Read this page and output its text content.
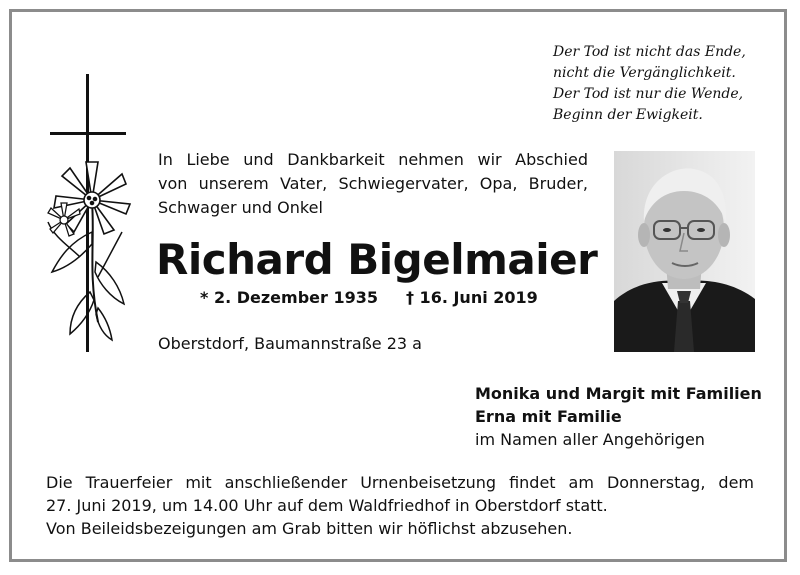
Der Tod ist nicht das Ende,
nicht die Vergänglichkeit.
Der Tod ist nur die Wende,
Beginn der Ewigkeit.
In Liebe und Dankbarkeit nehmen wir Abschied
von unserem Vater, Schwiegervater, Opa, Bruder,
Schwager und Onkel
Richard Bigelmaier
* 2. Dezember 1935 † 16. Juni 2019
Oberstdorf, Baumannstraße 23 a
Monika und Margit mit Familien
Erna mit Familie
im Namen aller Angehörigen
Die Trauerfeier mit anschließender Urnenbeisetzung findet am Donnerstag, dem
27. Juni 2019, um 14.00 Uhr auf dem Waldfriedhof in Oberstdorf statt.
Von Beileidsbezeigungen am Grab bitten wir höflichst abzusehen.
